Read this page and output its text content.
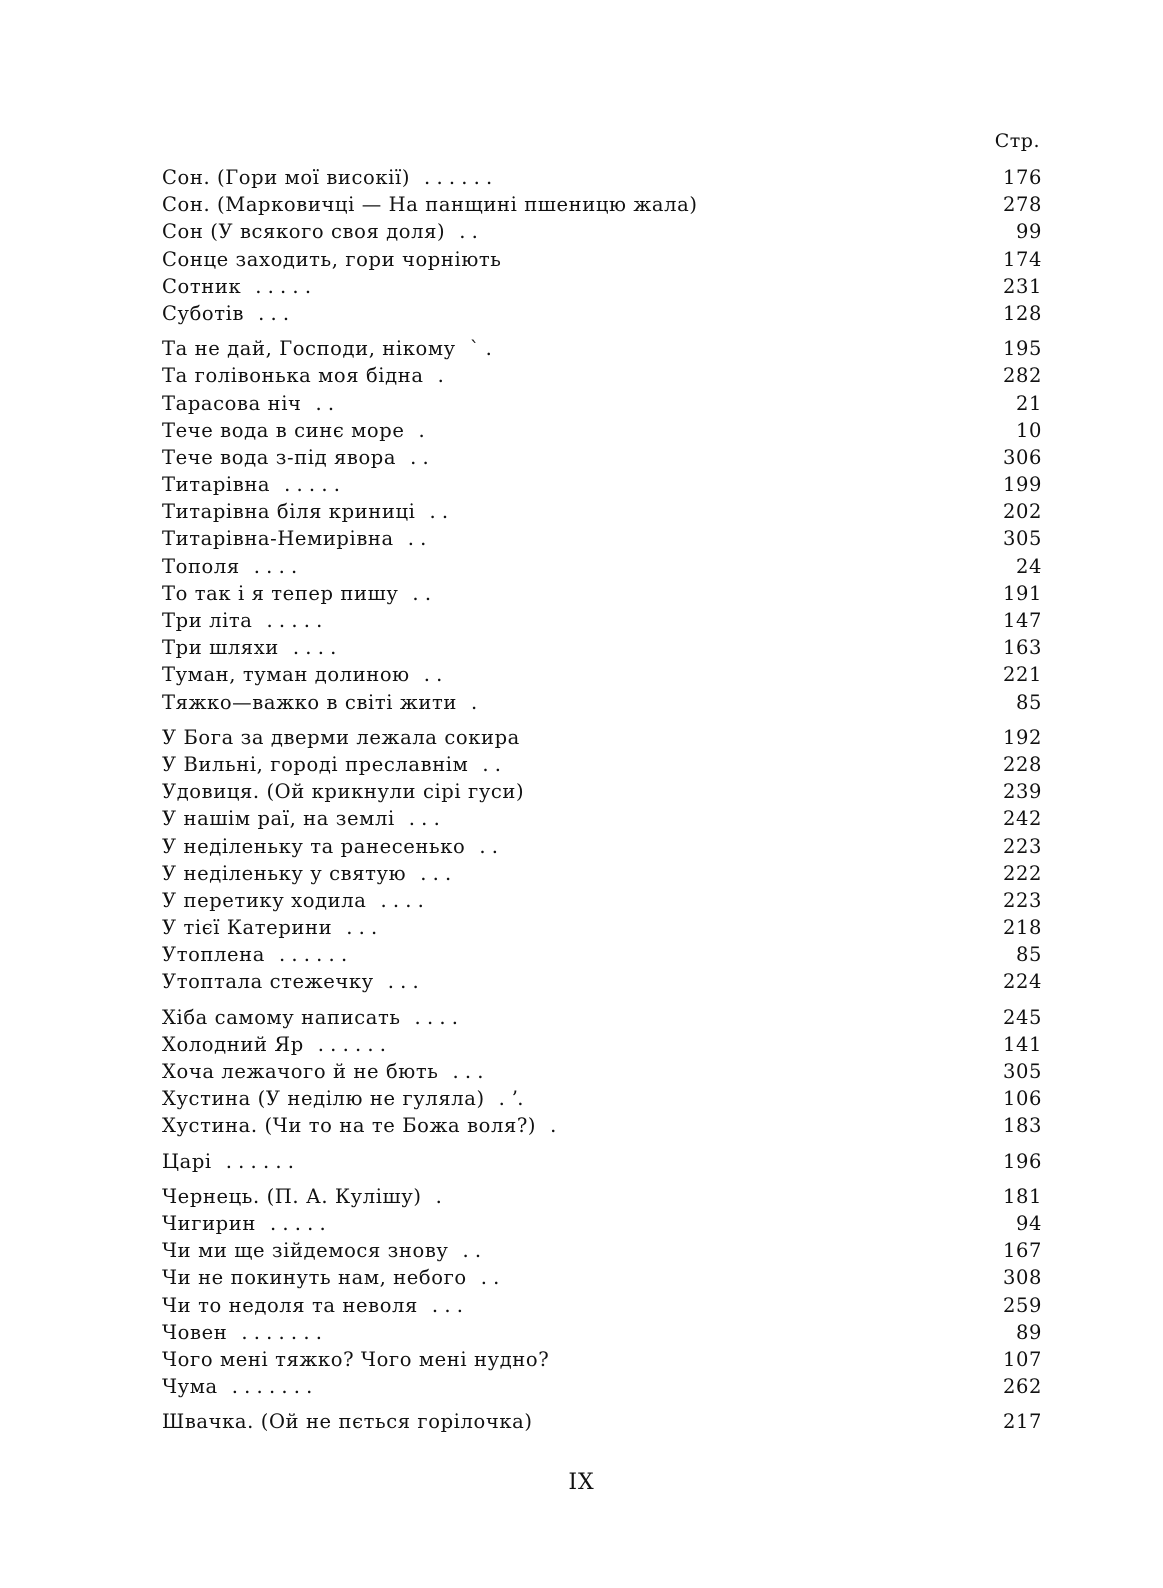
Стр.
Сон. (Гори мої високії) . . . . . .	176
Сон. (Марковичці — На панщині пшеницю жала)	278
Сон (У всякого своя доля) . .	99
Сонце заходить, гори чорніють	174
Сотник . . . . .	231
Суботів . . .	128
Та не дай, Господи, нікому ` .	195
Та голівонька моя бідна .	282
Тарасова ніч . .	21
Тече вода в синє море .	10
Тече вода з-під явора . .	306
Титарівна . . . . .	199
Титарівна біля криниці . .	202
Титарівна-Немирівна . .	305
Тополя . . . .	24
То так і я тепер пишу . .	191
Три літа . . . . .	147
Три шляхи . . . .	163
Туман, туман долиною . .	221
Тяжко—важко в світі жити .	85
У Бога за дверми лежала сокира	192
У Вильні, городі преславнім . .	228
Удовиця. (Ой крикнули сірі гуси)	239
У нашім раї, на землі . . .	242
У неділеньку та ранесенько . .	223
У неділеньку у святую . . .	222
У перетику ходила . . . .	223
У тієї Катерини . . .	218
Утоплена . . . . . .	85
Утоптала стежечку . . .	224
Хіба самому написать . . . .	245
Холодний Яр . . . . . .	141
Хоча лежачого й не бють . . .	305
Хустина (У неділю не гуляла) . ʼ.	106
Хустина. (Чи то на те Божа воля?) .	183
Царі . . . . . .	196
Чернець. (П. А. Кулішу) .	181
Чигирин . . . . .	94
Чи ми ще зійдемося знову . .	167
Чи не покинуть нам, небого . .	308
Чи то недоля та неволя . . .	259
Човен . . . . . . .	89
Чого мені тяжко? Чого мені нудно?	107
Чума . . . . . . .	262
Швачка. (Ой не пється горілочка)	217
IX
